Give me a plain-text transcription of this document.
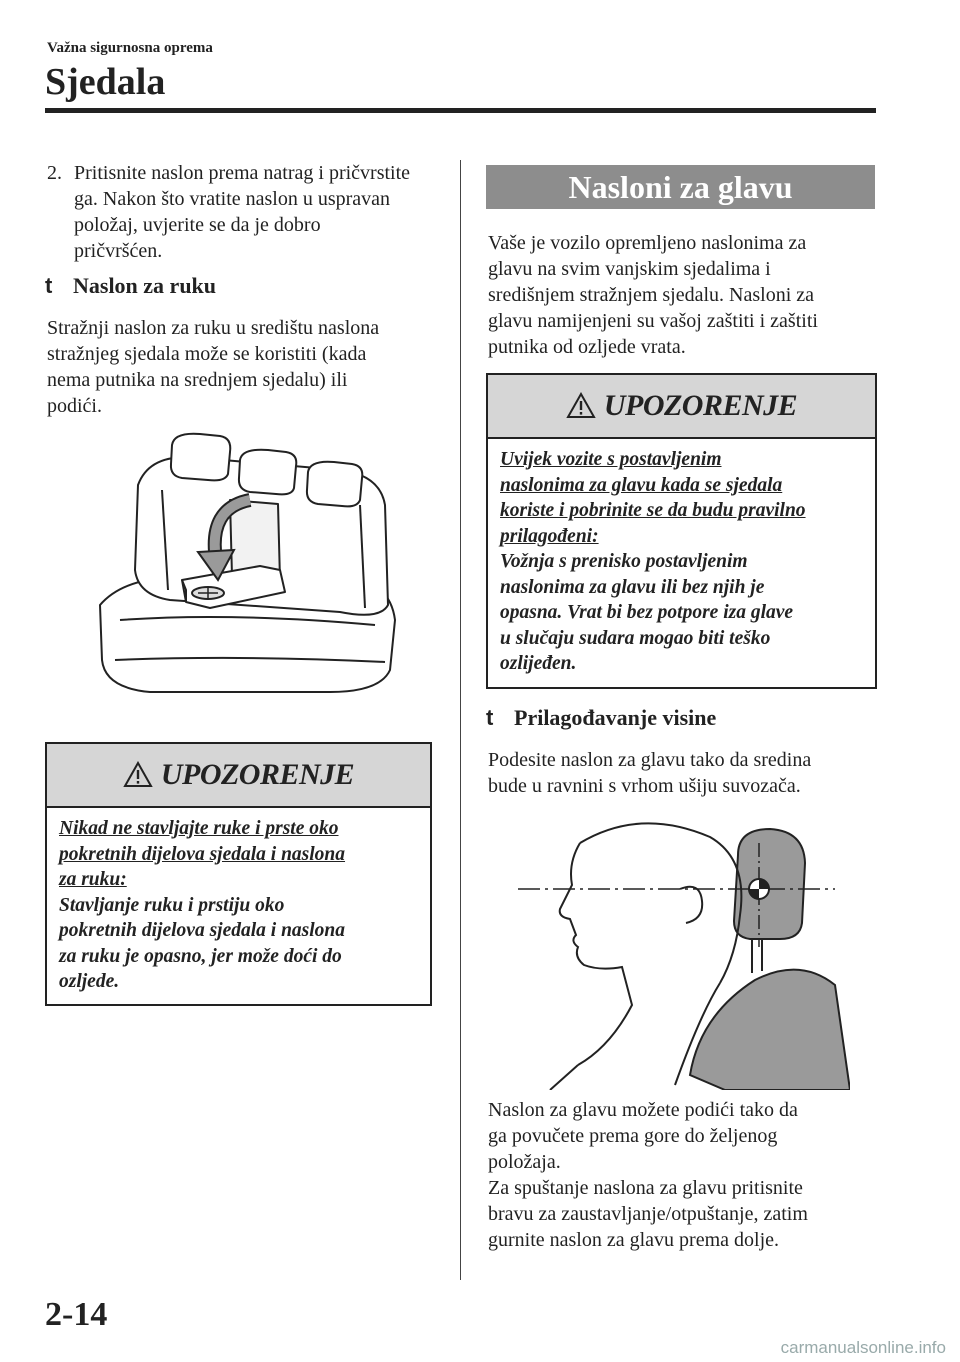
Važna sigurnosna oprema
Sjedala
2. Pritisnite naslon prema natrag i pričvrstite
ga. Nakon što vratite naslon u uspravan
položaj, uvjerite se da je dobro
pričvršćen.
t Naslon za ruku
Stražnji naslon za ruku u središtu naslona
stražnjeg sjedala može se koristiti (kada
nema putnika na srednjem sjedalu) ili
podići.
UPOZORENJE
Nikad ne stavljajte ruke i prste oko
pokretnih dijelova sjedala i naslona
za ruku:
Stavljanje ruku i prstiju oko
pokretnih dijelova sjedala i naslona
za ruku je opasno, jer može doći do
ozljede.
Nasloni za glavu
Vaše je vozilo opremljeno naslonima za
glavu na svim vanjskim sjedalima i
središnjem stražnjem sjedalu. Nasloni za
glavu namijenjeni su vašoj zaštiti i zaštiti
putnika od ozljede vrata.
UPOZORENJE
Uvijek vozite s postavljenim
naslonima za glavu kada se sjedala
koriste i pobrinite se da budu pravilno
prilagođeni:
Vožnja s prenisko postavljenim
naslonima za glavu ili bez njih je
opasna. Vrat bi bez potpore iza glave
u slučaju sudara mogao biti teško
ozlijeđen.
t Prilagođavanje visine
Podesite naslon za glavu tako da sredina
bude u ravnini s vrhom ušiju suvozača.
Naslon za glavu možete podići tako da
ga povučete prema gore do željenog
položaja.
Za spuštanje naslona za glavu pritisnite
bravu za zaustavljanje/otpuštanje, zatim
gurnite naslon za glavu prema dolje.
2-14
carmanualsonline.info
